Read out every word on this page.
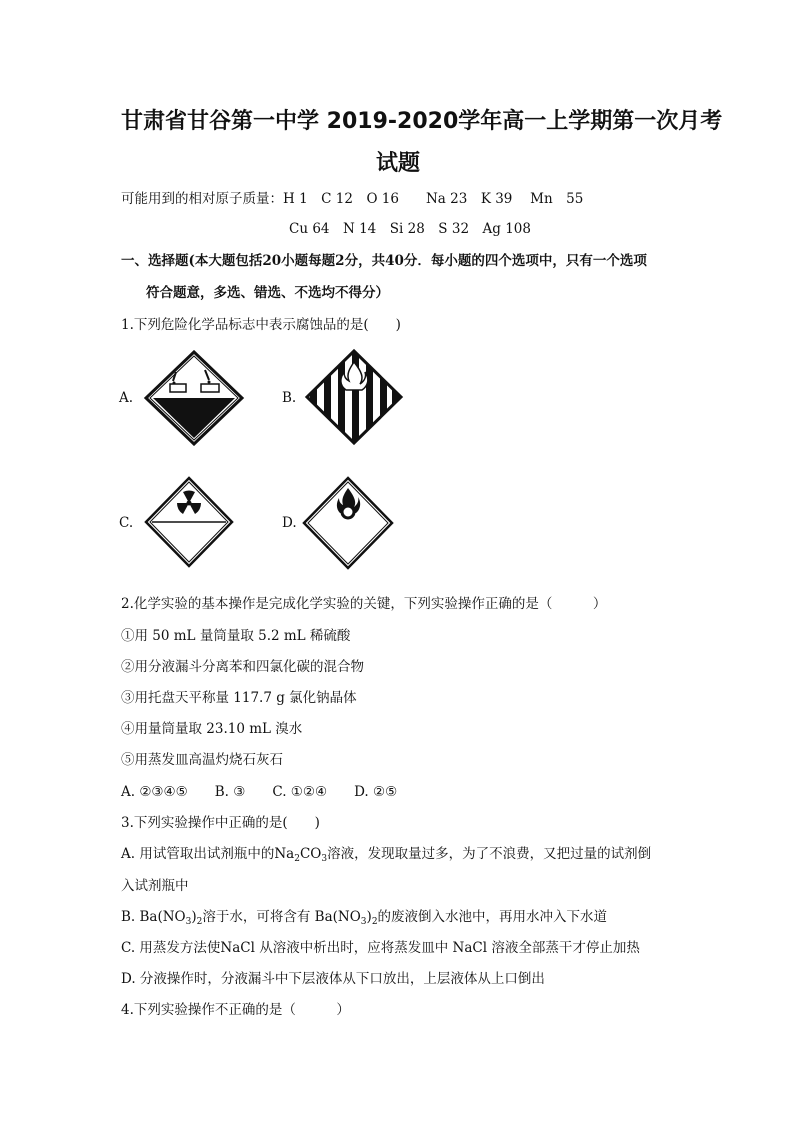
甘肃省甘谷第一中学 2019-2020学年高一上学期第一次月考
试题
可能用到的相对原子质量：H 1　C 12　O 16　　Na 23　K 39　 Mn　55
Cu 64　N 14　Si 28　S 32　Ag 108
一、选择题(本大题包括20小题每题2分，共40分．每小题的四个选项中，只有一个选项
符合题意，多选、错选、不选均不得分）
1.下列危险化学品标志中表示腐蚀品的是(　　)
A.	B.
C.	D.
2.化学实验的基本操作是完成化学实验的关键，下列实验操作正确的是（　　　）
①用 50 mL 量筒量取 5.2 mL 稀硫酸
②用分液漏斗分离苯和四氯化碳的混合物
③用托盘天平称量 117.7 g 氯化钠晶体
④用量筒量取 23.10 mL 溴水
⑤用蒸发皿高温灼烧石灰石
A. ②③④⑤　　B. ③　　C. ①②④　　D. ②⑤
3.下列实验操作中正确的是(　　)
A. 用试管取出试剂瓶中的$Na_2CO_3$溶液，发现取量过多，为了不浪费，又把过量的试剂倒
入试剂瓶中
B. $Ba(NO_3)_2$溶于水，可将含有 $Ba(NO_3)_2$的废液倒入水池中，再用水冲入下水道
C. 用蒸发方法使NaCl 从溶液中析出时，应将蒸发皿中 NaCl 溶液全部蒸干才停止加热
D. 分液操作时，分液漏斗中下层液体从下口放出，上层液体从上口倒出
4.下列实验操作不正确的是（　　　）
